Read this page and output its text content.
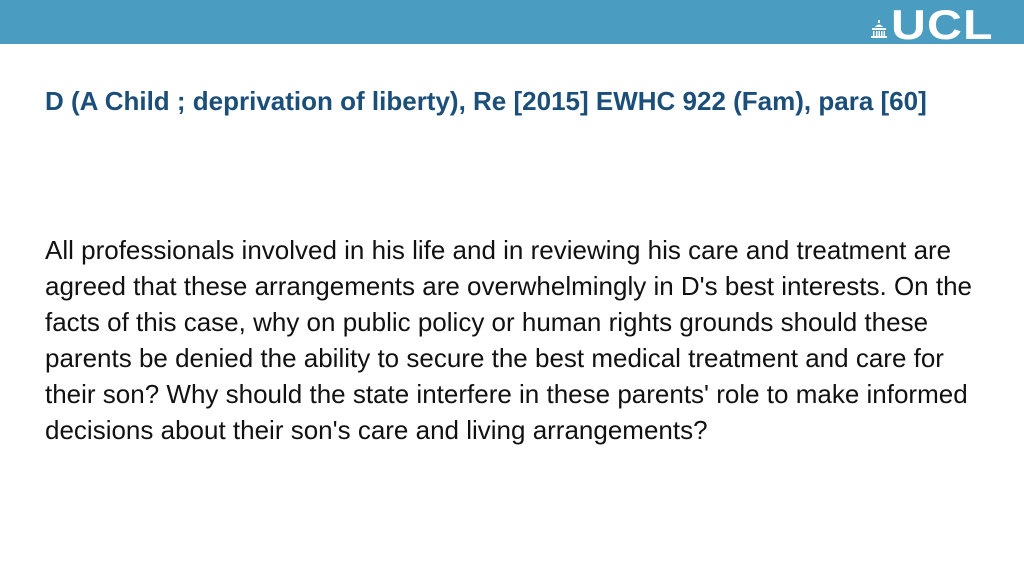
UCL
D (A Child ; deprivation of liberty), Re [2015] EWHC 922 (Fam), para [60]

All professionals involved in his life and in reviewing his care and treatment are agreed that these arrangements are overwhelmingly in D's best interests. On the facts of this case, why on public policy or human rights grounds should these parents be denied the ability to secure the best medical treatment and care for their son? Why should the state interfere in these parents' role to make informed decisions about their son's care and living arrangements?
